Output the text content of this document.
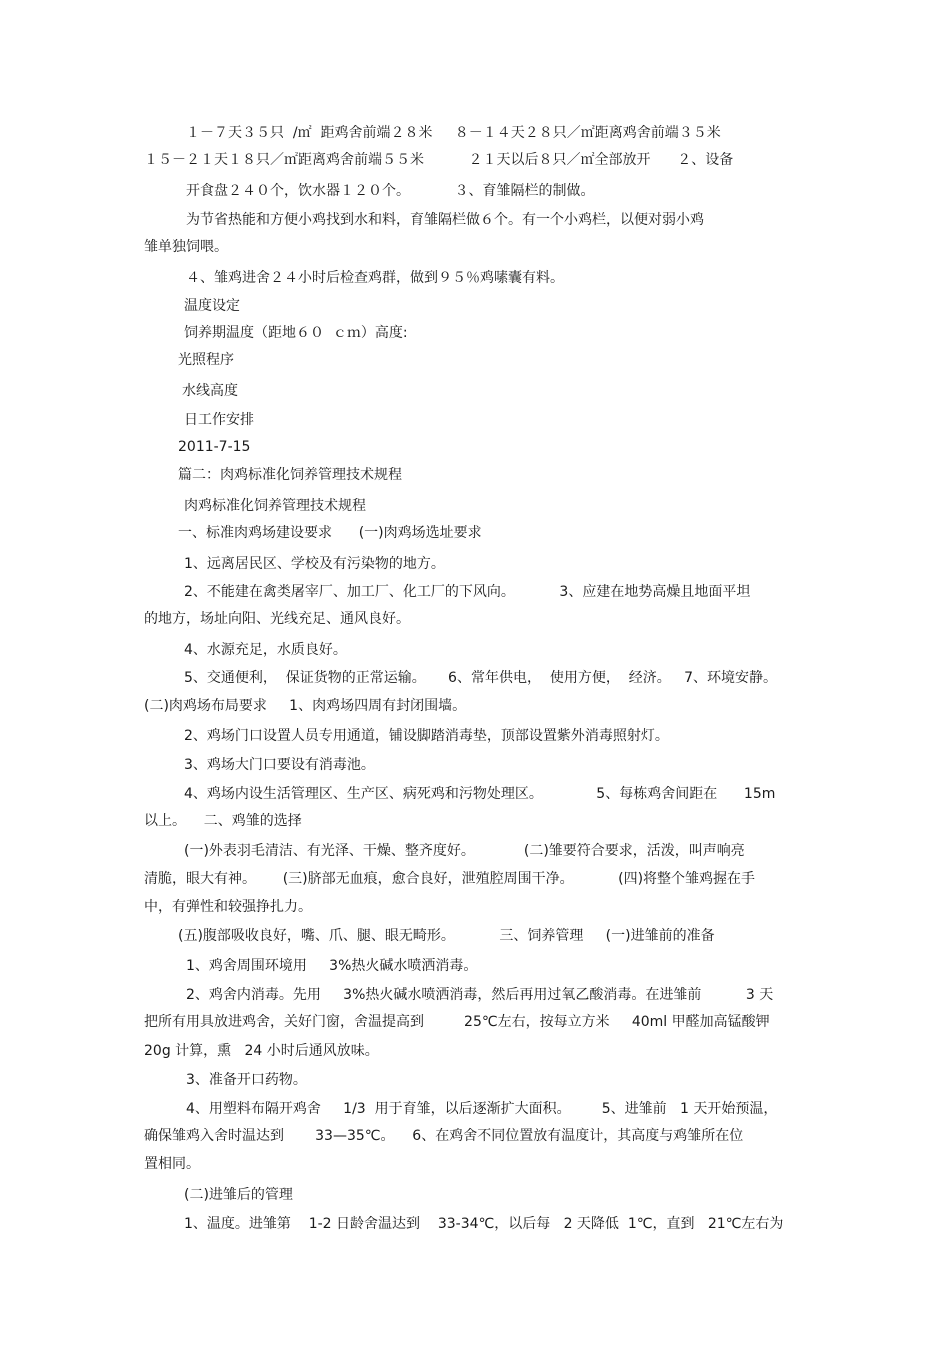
１－７天３５只  /㎡  距鸡舍前端２８米     ８－１４天２８只／㎡距离鸡舍前端３５米
１５－２１天１８只／㎡距离鸡舍前端５５米          ２１天以后８只／㎡全部放开      ２、设备
开食盘２４０个，饮水器１２０个。          ３、育雏隔栏的制做。
为节省热能和方便小鸡找到水和料，育雏隔栏做６个。有一个小鸡栏，以便对弱小鸡
雏单独饲喂。
４、雏鸡进舍２４小时后检查鸡群，做到９５％鸡嗉囊有料。
温度设定
饲养期温度（距地６０  ｃｍ）高度:
光照程序
水线高度
日工作安排
2011-7-15
篇二：肉鸡标准化饲养管理技术规程
肉鸡标准化饲养管理技术规程
一、标准肉鸡场建设要求      (一)肉鸡场选址要求
1、远离居民区、学校及有污染物的地方。
2、不能建在禽类屠宰厂、加工厂、化工厂的下风向。          3、应建在地势高燥且地面平坦
的地方，场址向阳、光线充足、通风良好。
4、水源充足，水质良好。
5、交通便利，  保证货物的正常运输。     6、常年供电，  使用方便，  经济。   7、环境安静。
(二)肉鸡场布局要求     1、肉鸡场四周有封闭围墙。
2、鸡场门口设置人员专用通道，铺设脚踏消毒垫，顶部设置紫外消毒照射灯。
3、鸡场大门口要设有消毒池。
4、鸡场内设生活管理区、生产区、病死鸡和污物处理区。            5、每栋鸡舍间距在      15m
以上。    二、鸡雏的选择
(一)外表羽毛清洁、有光泽、干燥、整齐度好。           (二)雏要符合要求，活泼，叫声响亮
清脆，眼大有神。      (三)脐部无血痕，愈合良好，泄殖腔周围干净。          (四)将整个雏鸡握在手
中，有弹性和较强挣扎力。
(五)腹部吸收良好，嘴、爪、腿、眼无畸形。          三、饲养管理     (一)进雏前的准备
1、鸡舍周围环境用     3%热火碱水喷洒消毒。
2、鸡舍内消毒。先用     3%热火碱水喷洒消毒，然后再用过氧乙酸消毒。在进雏前          3 天
把所有用具放进鸡舍，关好门窗，舍温提高到         25℃左右，按每立方米     40ml 甲醛加高锰酸钾
20g 计算，熏   24 小时后通风放味。
3、准备开口药物。
4、用塑料布隔开鸡舍     1/3  用于育雏，以后逐渐扩大面积。       5、进雏前   1 天开始预温，
确保雏鸡入舍时温达到       33—35℃。    6、在鸡舍不同位置放有温度计，其高度与鸡雏所在位
置相同。
(二)进雏后的管理
1、温度。进雏第    1-2 日龄舍温达到    33-34℃，以后每   2 天降低  1℃，直到   21℃左右为
